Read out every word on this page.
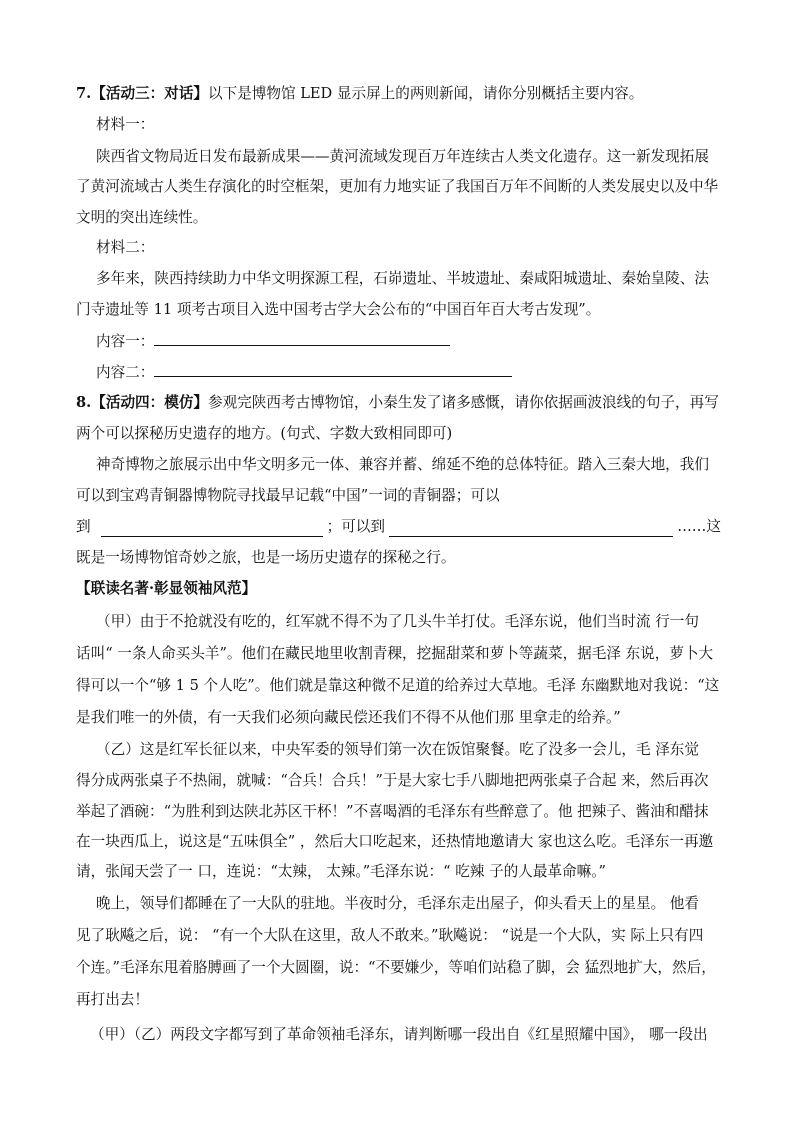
7.【活动三：对话】以下是博物馆 LED 显示屏上的两则新闻，请你分别概括主要内容。
材料一：
陕西省文物局近日发布最新成果——黄河流域发现百万年连续古人类文化遗存。这一新发现拓展
了黄河流域古人类生存演化的时空框架，更加有力地实证了我国百万年不间断的人类发展史以及中华
文明的突出连续性。
材料二：
多年来，陕西持续助力中华文明探源工程，石峁遗址、半坡遗址、秦咸阳城遗址、秦始皇陵、法
门寺遗址等 11 项考古项目入选中国考古学大会公布的“中国百年百大考古发现”。
内容一：
内容二：
8.【活动四：模仿】参观完陕西考古博物馆，小秦生发了诸多感慨，请你依据画波浪线的句子，再写
两个可以探秘历史遗存的地方。(句式、字数大致相同即可)
神奇博物之旅展示出中华文明多元一体、兼容并蓄、绵延不绝的总体特征。踏入三秦大地，我们
可以到宝鸡青铜器博物院寻找最早记载“中国”一词的青铜器；可以
到	；可以到	……这
既是一场博物馆奇妙之旅，也是一场历史遗存的探秘之行。
【联读名著·彰显领袖风范】
（甲）由于不抢就没有吃的，红军就不得不为了几头牛羊打仗。毛泽东说，他们当时流 行一句
话叫“ 一条人命买头羊”。他们在藏民地里收割青稞，挖掘甜菜和萝卜等蔬菜，据毛泽 东说，萝卜大
得可以一个“够 1 5 个人吃”。他们就是靠这种微不足道的给养过大草地。毛泽 东幽默地对我说：“这
是我们唯一的外债，有一天我们必须向藏民偿还我们不得不从他们那 里拿走的给养。”
（乙）这是红军长征以来，中央军委的领导们第一次在饭馆聚餐。吃了没多一会儿，毛 泽东觉
得分成两张桌子不热闹，就喊：“合兵！合兵！”于是大家七手八脚地把两张桌子合起 来，然后再次
举起了酒碗：“为胜利到达陕北苏区干杯！”不喜喝酒的毛泽东有些醉意了。他 把辣子、酱油和醋抹
在一块西瓜上，说这是“五味俱全” ，然后大口吃起来，还热情地邀请大 家也这么吃。毛泽东一再邀
请，张闻天尝了一 口，连说：“太辣， 太辣。”毛泽东说：“ 吃辣 子的人最革命嘛。”
晚上，领导们都睡在了一大队的驻地。半夜时分，毛泽东走出屋子，仰头看天上的星星。 他看
见了耿飚之后，说： “有一个大队在这里，敌人不敢来。”耿飚说： “说是一个大队，实 际上只有四
个连。”毛泽东甩着胳膊画了一个大圆圈，说：“不要嫌少，等咱们站稳了脚，会 猛烈地扩大，然后，
再打出去！
（甲）（乙）两段文字都写到了革命领袖毛泽东，请判断哪一段出自《红星照耀中国》， 哪一段出
